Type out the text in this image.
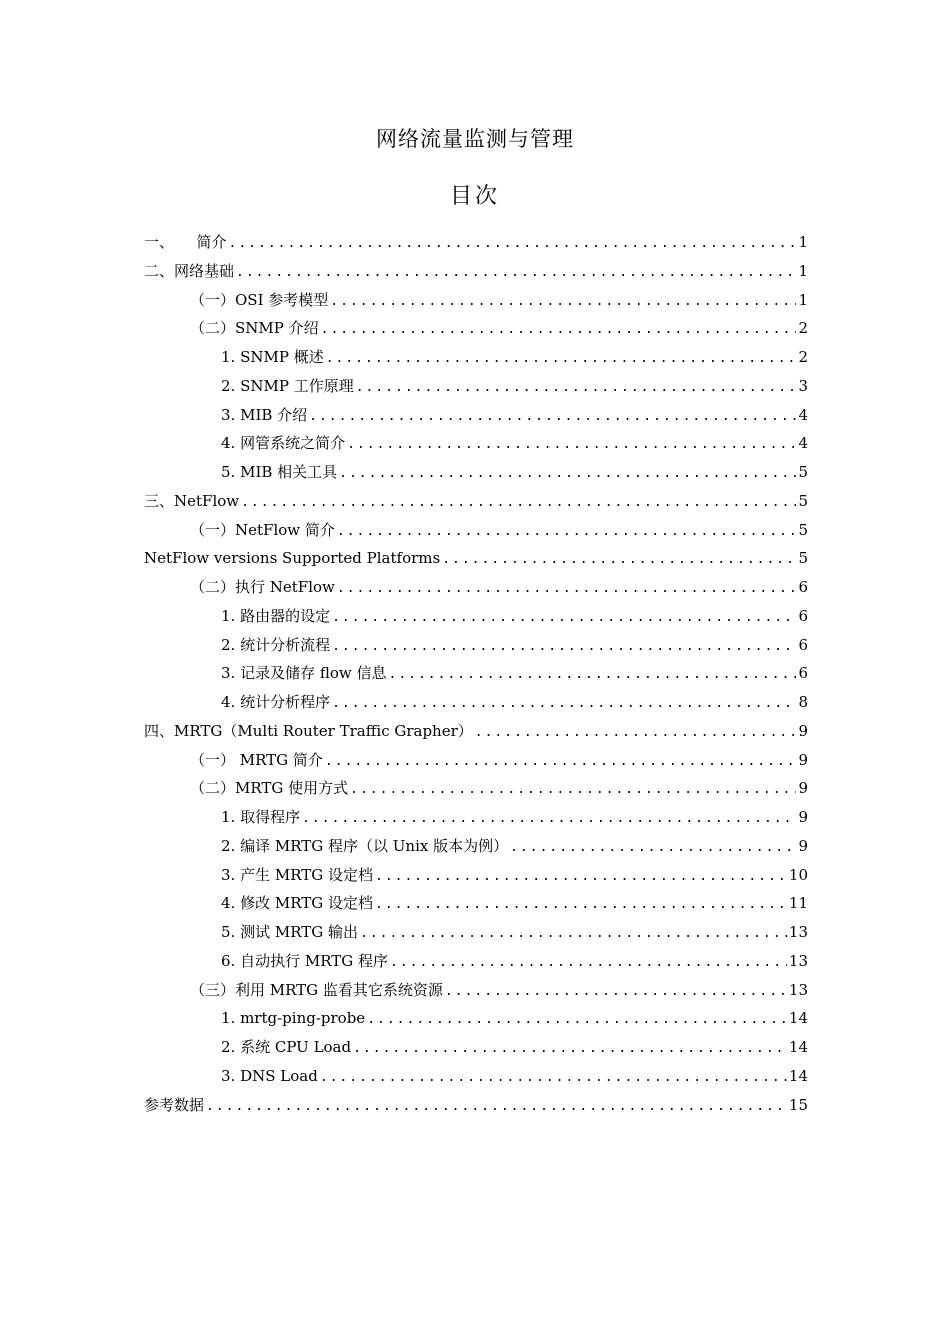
网络流量监测与管理
目次
一、　　简介 .....	1
二、网络基础 .....	1
（一）OSI 参考模型 .....	1
（二）SNMP 介绍 .....	2
1. SNMP 概述 .....	2
2. SNMP 工作原理 .....	3
3. MIB 介绍 .....	4
4. 网管系统之简介 .....	4
5. MIB 相关工具 .....	5
三、NetFlow .....	5
（一）NetFlow 简介 .....	5
NetFlow versions Supported Platforms .....	5
（二）执行 NetFlow .....	6
1. 路由器的设定 .....	6
2. 统计分析流程 .....	6
3. 记录及储存 flow 信息 .....	6
4. 统计分析程序 .....	8
四、MRTG（Multi Router Traffic Grapher） .....	9
（一） MRTG 简介 .....	9
（二）MRTG 使用方式 .....	9
1. 取得程序 .....	9
2. 编译 MRTG 程序（以 Unix 版本为例） .....	9
3. 产生 MRTG 设定档 .....	10
4. 修改 MRTG 设定档 .....	11
5. 测试 MRTG 输出 .....	13
6. 自动执行 MRTG 程序 .....	13
（三）利用 MRTG 监看其它系统资源 .....	13
1. mrtg-ping-probe .....	14
2. 系统 CPU Load .....	14
3. DNS Load .....	14
参考数据 .....	15
